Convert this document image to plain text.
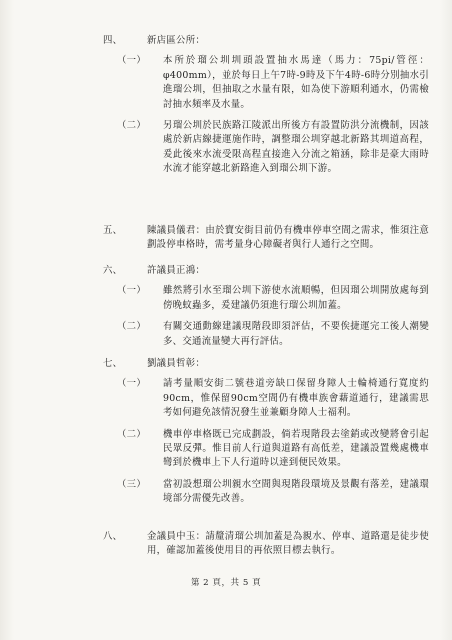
四、	新店區公所：
（一） 本所於瑠公圳圳頭設置抽水馬達（馬力：75pi/管徑：φ400mm），並於每日上午7時-9時及下午4時-6時分別抽水引進瑠公圳，但抽取之水量有限，如為使下游順利通水，仍需檢討抽水頻率及水量。
（二） 另瑠公圳於民族路江陵派出所後方有設置防洪分流機制，因該處於新店線捷運施作時，調整瑠公圳穿越北新路其圳道高程，爰此後來水流受限高程直接進入分流之箱涵，除非是豪大雨時水流才能穿越北新路進入到瑠公圳下游。
五、	陳議員儀君：由於寶安街目前仍有機車停車空間之需求，惟須注意劃設停車格時，需考量身心障礙者與行人通行之空間。
六、	許議員正鴻：
（一） 雖然將引水至瑠公圳下游使水流順暢，但因瑠公圳開放處每到傍晚蚊蟲多，爰建議仍須進行瑠公圳加蓋。
（二） 有關交通動線建議現階段即須評估，不要俟捷運完工後人潮變多、交通流量變大再行評估。
七、	劉議員哲彰：
（一） 請考量順安街二號巷道旁缺口保留身障人士輪椅通行寬度約90cm，惟保留90cm空間仍有機車族會藉道通行，建議需思考如何避免該情況發生並兼顧身障人士福利。
（二） 機車停車格既已完成劃設，倘若現階段去塗銷或改變將會引起民眾反彈。惟目前人行道與道路有高低差，建議設置幾處機車彎到於機車上下人行道時以達到便民效果。
（三） 當初設想瑠公圳親水空間與現階段環境及景觀有落差，建議環境部分需優先改善。
八、	金議員中玉：請釐清瑠公圳加蓋是為親水、停車、道路還是徒步使用，確認加蓋後使用目的再依照目標去執行。
第 2 頁，共 5 頁
